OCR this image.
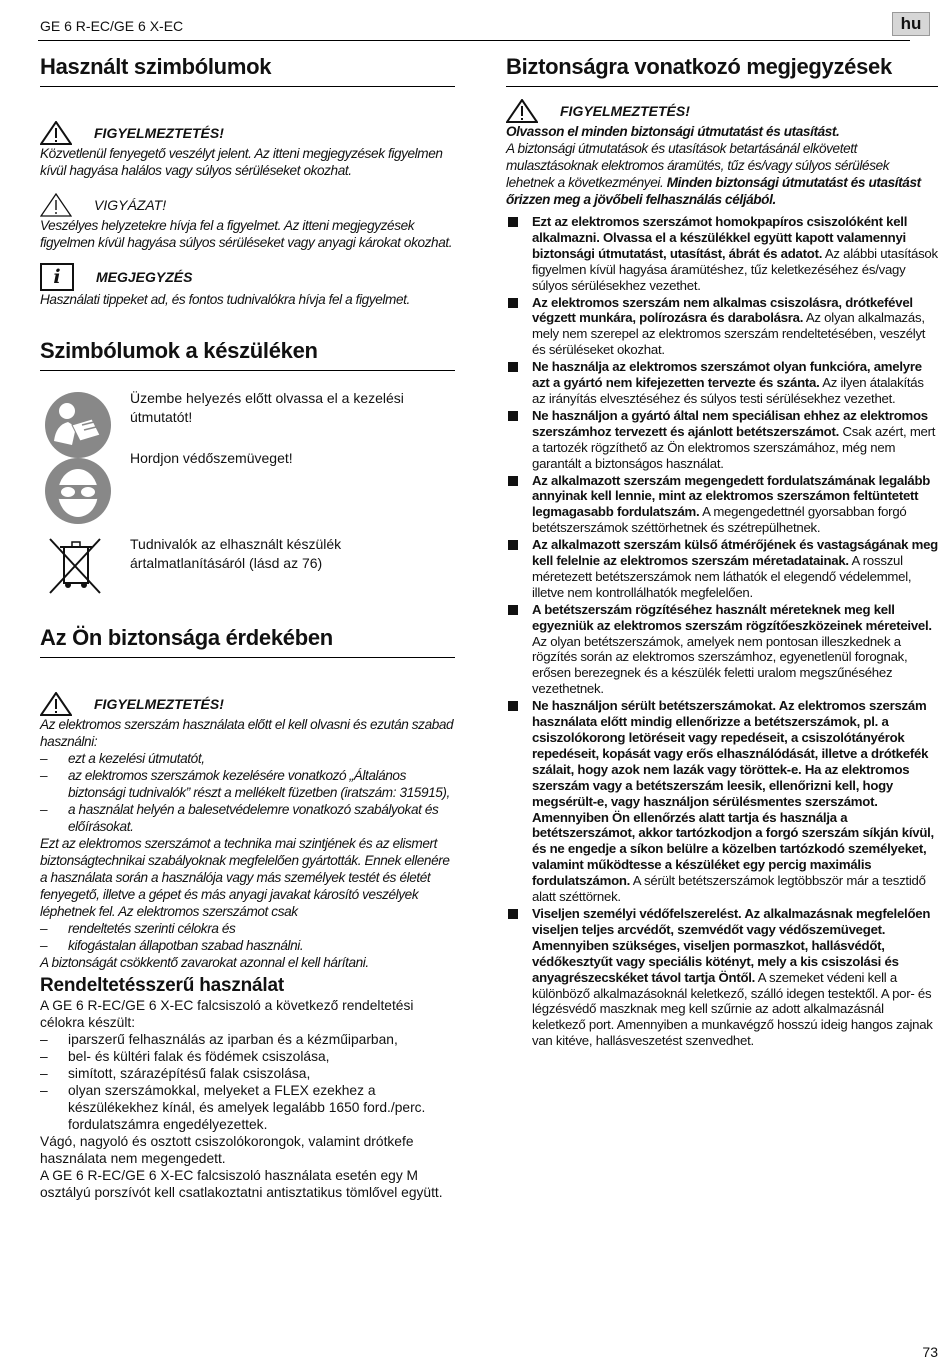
GE 6 R-EC/GE 6 X-EC	hu
Használt szimbólumok
FIGYELMEZTETÉS!
Közvetlenül fenyegető veszélyt jelent. Az itteni megjegyzések figyelmen kívül hagyása halálos vagy súlyos sérüléseket okozhat.
VIGYÁZAT!
Veszélyes helyzetekre hívja fel a figyelmet. Az itteni megjegyzések figyelmen kívül hagyása súlyos sérüléseket vagy anyagi károkat okozhat.
i	MEGJEGYZÉS
Használati tippeket ad, és fontos tudnivalókra hívja fel a figyelmet.
Szimbólumok a készüléken
Üzembe helyezés előtt olvassa el a kezelési útmutatót!
Hordjon védőszemüveget!
Tudnivalók az elhasznált készülék ártalmatlanításáról (lásd az 76)
Az Ön biztonsága érdekében
FIGYELMEZTETÉS!
Az elektromos szerszám használata előtt el kell olvasni és ezután szabad használni:
–	ezt a kezelési útmutatót,
–	az elektromos szerszámok kezelésére vonatkozó „Általános biztonsági tudnivalók” részt a mellékelt füzetben (iratszám: 315915),
–	a használat helyén a balesetvédelemre vonatkozó szabályokat és előírásokat.
Ezt az elektromos szerszámot a technika mai szintjének és az elismert biztonságtechnikai szabályoknak megfelelően gyártották. Ennek ellenére a használata során a használója vagy más személyek testét és életét fenyegető, illetve a gépet és más anyagi javakat károsító veszélyek léphetnek fel. Az elektromos szerszámot csak
–	rendeltetés szerinti célokra és
–	kifogástalan állapotban szabad használni.
A biztonságát csökkentő zavarokat azonnal el kell hárítani.
Rendeltetésszerű használat
A GE 6 R-EC/GE 6 X-EC falcsiszoló a következő rendeltetési célokra készült:
–	iparszerű felhasználás az iparban és a kézműiparban,
–	bel- és kültéri falak és födémek csiszolása,
–	simított, szárazépítésű falak csiszolása,
–	olyan szerszámokkal, melyeket a FLEX ezekhez a készülékekhez kínál, és amelyek legalább 1650 ford./perc. fordulatszámra engedélyezettek.
Vágó, nagyoló és osztott csiszolókorongok, valamint drótkefe használata nem megengedett.
A GE 6 R-EC/GE 6 X-EC falcsiszoló használata esetén egy M osztályú porszívót kell csatlakoztatni antisztatikus tömlővel együtt.
Biztonságra vonatkozó megjegyzések
FIGYELMEZTETÉS!
Olvasson el minden biztonsági útmutatást és utasítást.
A biztonsági útmutatások és utasítások betartásánál elkövetett mulasztásoknak elektromos áramütés, tűz és/vagy súlyos sérülések lehetnek a következményei. Minden biztonsági útmutatást és utasítást őrizzen meg a jövőbeli felhasználás céljából.
Ezt az elektromos szerszámot homokpapíros csiszolóként kell alkalmazni. Olvassa el a készülékkel együtt kapott valamennyi biztonsági útmutatást, utasítást, ábrát és adatot. Az alábbi utasítások figyelmen kívül hagyása áramütéshez, tűz keletkezéséhez és/vagy súlyos sérülésekhez vezethet.
Az elektromos szerszám nem alkalmas csiszolásra, drótkefével végzett munkára, polírozásra és darabolásra. Az olyan alkalmazás, mely nem szerepel az elektromos szerszám rendeltetésében, veszélyt és sérüléseket okozhat.
Ne használja az elektromos szerszámot olyan funkcióra, amelyre azt a gyártó nem kifejezetten tervezte és szánta. Az ilyen átalakítás az irányítás elvesztéséhez és súlyos testi sérülésekhez vezethet.
Ne használjon a gyártó által nem speciálisan ehhez az elektromos szerszámhoz tervezett és ajánlott betétszerszámot. Csak azért, mert a tartozék rögzíthető az Ön elektromos szerszámához, még nem garantált a biztonságos használat.
Az alkalmazott szerszám megengedett fordulatszámának legalább annyinak kell lennie, mint az elektromos szerszámon feltüntetett legmagasabb fordulatszám. A megengedettnél gyorsabban forgó betétszerszámok széttörhetnek és szétrepülhetnek.
Az alkalmazott szerszám külső átmérőjének és vastagságának meg kell felelnie az elektromos szerszám méretadatainak. A rosszul méretezett betétszerszámok nem láthatók el elegendő védelemmel, illetve nem kontrollálhatók megfelelően.
A betétszerszám rögzítéséhez használt méreteknek meg kell egyezniük az elektromos szerszám rögzítőeszközeinek méreteivel. Az olyan betétszerszámok, amelyek nem pontosan illeszkednek a rögzítés során az elektromos szerszámhoz, egyenetlenül forognak, erősen berezegnek és a készülék feletti uralom megszűnéséhez vezethetnek.
Ne használjon sérült betétszerszámokat. Az elektromos szerszám használata előtt mindig ellenőrizze a betétszerszámok, pl. a csiszolókorong letöréseit vagy repedéseit, a csiszolótányérok repedéseit, kopását vagy erős elhasználódását, illetve a drótkefék szálait, hogy azok nem lazák vagy töröttek-e. Ha az elektromos szerszám vagy a betétszerszám leesik, ellenőrizni kell, hogy megsérült-e, vagy használjon sérülésmentes szerszámot. Amennyiben Ön ellenőrzés alatt tartja és használja a betétszerszámot, akkor tartózkodjon a forgó szerszám síkján kívül, és ne engedje a síkon belülre a közelben tartózkodó személyeket, valamint működtesse a készüléket egy percig maximális fordulatszámon. A sérült betétszerszámok legtöbbször már a tesztidő alatt széttörnek.
Viseljen személyi védőfelszerelést. Az alkalmazásnak megfelelően viseljen teljes arcvédőt, szemvédőt vagy védőszemüveget. Amennyiben szükséges, viseljen pormaszkot, hallásvédőt, védőkesztyűt vagy speciális kötényt, mely a kis csiszolási és anyagrészecskéket távol tartja Öntől. A szemeket védeni kell a különböző alkalmazásoknál keletkező, szálló idegen testektől. A por- és légzésvédő maszknak meg kell szűrnie az adott alkalmazásnál keletkező port. Amennyiben a munkavégző hosszú ideig hangos zajnak van kitéve, hallásveszetést szenvedhet.
73
